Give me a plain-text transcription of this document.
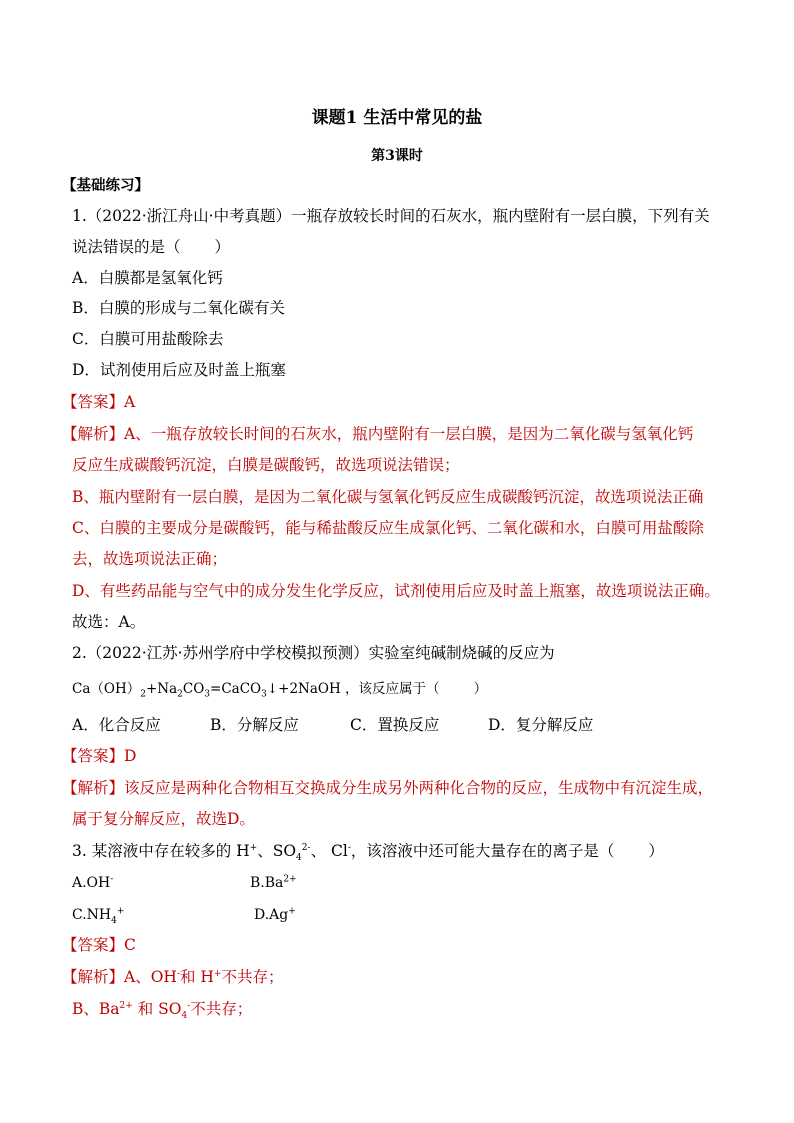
课题1 生活中常见的盐
第3课时
【基础练习】
1.（2022·浙江舟山·中考真题）一瓶存放较长时间的石灰水，瓶内壁附有一层白膜，下列有关
说法错误的是（ ）
A．白膜都是氢氧化钙
B．白膜的形成与二氧化碳有关
C．白膜可用盐酸除去
D．试剂使用后应及时盖上瓶塞
【答案】A
【解析】A、一瓶存放较长时间的石灰水，瓶内壁附有一层白膜，是因为二氧化碳与氢氧化钙
反应生成碳酸钙沉淀，白膜是碳酸钙，故选项说法错误；
B、瓶内壁附有一层白膜，是因为二氧化碳与氢氧化钙反应生成碳酸钙沉淀，故选项说法正确
C、白膜的主要成分是碳酸钙，能与稀盐酸反应生成氯化钙、二氧化碳和水，白膜可用盐酸除
去，故选项说法正确；
D、有些药品能与空气中的成分发生化学反应，试剂使用后应及时盖上瓶塞，故选项说法正确。
故选：A。
2.（2022·江苏·苏州学府中学校模拟预测）实验室纯碱制烧碱的反应为
$Ca(OH)_2+Na_2CO_3=CaCO_3↓+2NaOH$ ，该反应属于（	）
A．化合反应	B．分解反应	C．置换反应	D．复分解反应
【答案】D
【解析】该反应是两种化合物相互交换成分生成另外两种化合物的反应，生成物中有沉淀生成，
属于复分解反应，故选D。
3. 某溶液中存在较多的 H+、$SO_4^{2-}$、 Cl-，该溶液中还可能大量存在的离子是（ ）
A.OH-	$B.Ba^{2+}$
$C.NH_4^+$	D.Ag+
【答案】C
【解析】A、OH-和 H+不共存；
B、$Ba^{2+}$ 和 $SO_4^-$不共存；
